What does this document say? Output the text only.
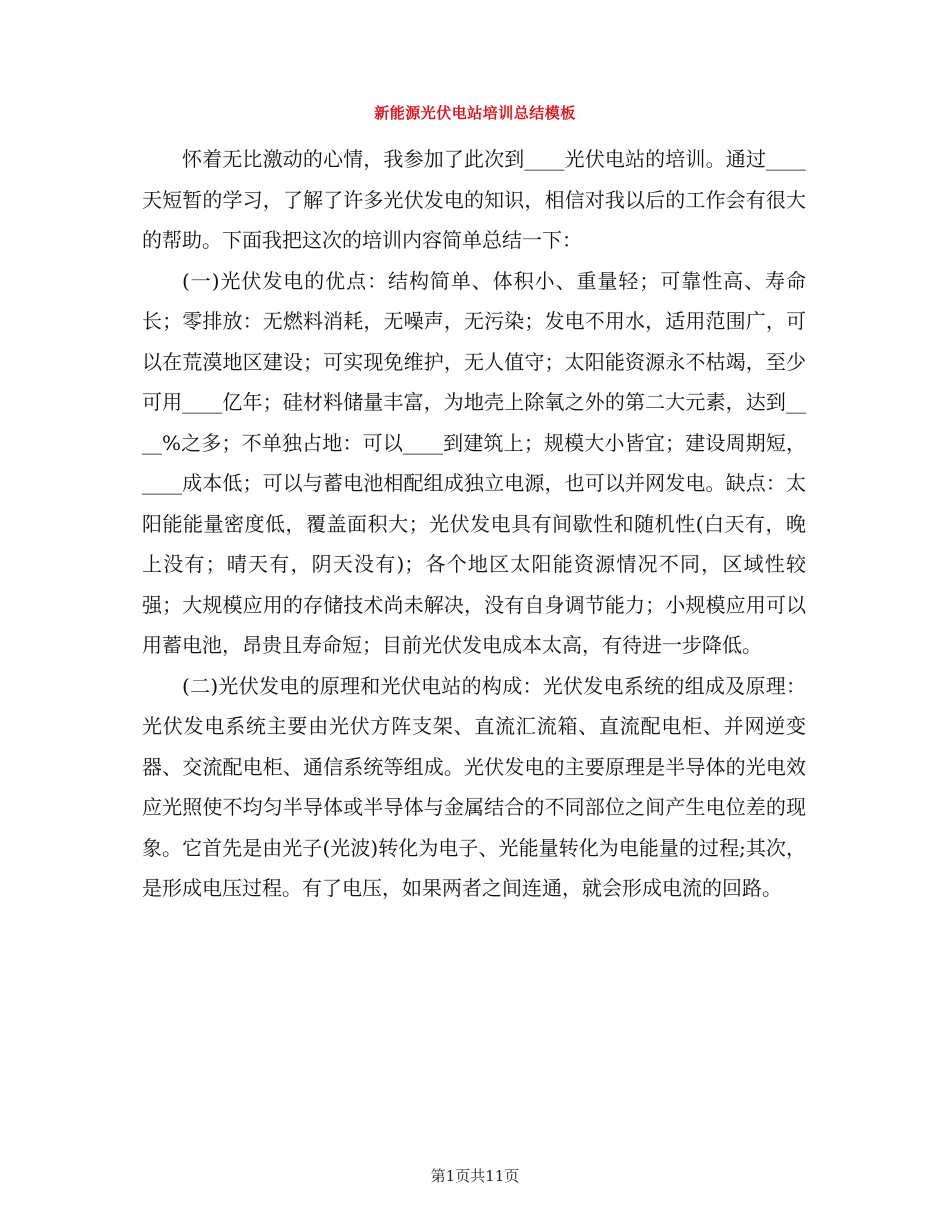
新能源光伏电站培训总结模板

怀着无比激动的心情，我参加了此次到____光伏电站的培训。通过____天短暂的学习，了解了许多光伏发电的知识，相信对我以后的工作会有很大的帮助。下面我把这次的培训内容简单总结一下：

(一)光伏发电的优点：结构简单、体积小、重量轻；可靠性高、寿命长；零排放：无燃料消耗，无噪声，无污染；发电不用水，适用范围广，可以在荒漠地区建设；可实现免维护，无人值守；太阳能资源永不枯竭，至少可用____亿年；硅材料储量丰富，为地壳上除氧之外的第二大元素，达到____%之多；不单独占地：可以____到建筑上；规模大小皆宜；建设周期短，____成本低；可以与蓄电池相配组成独立电源，也可以并网发电。缺点：太阳能能量密度低，覆盖面积大；光伏发电具有间歇性和随机性(白天有，晚上没有；晴天有，阴天没有)；各个地区太阳能资源情况不同，区域性较强；大规模应用的存储技术尚未解决，没有自身调节能力；小规模应用可以用蓄电池，昂贵且寿命短；目前光伏发电成本太高，有待进一步降低。

(二)光伏发电的原理和光伏电站的构成：光伏发电系统的组成及原理：光伏发电系统主要由光伏方阵支架、直流汇流箱、直流配电柜、并网逆变器、交流配电柜、通信系统等组成。光伏发电的主要原理是半导体的光电效应光照使不均匀半导体或半导体与金属结合的不同部位之间产生电位差的现象。它首先是由光子(光波)转化为电子、光能量转化为电能量的过程;其次，是形成电压过程。有了电压，如果两者之间连通，就会形成电流的回路。

第1页共11页
